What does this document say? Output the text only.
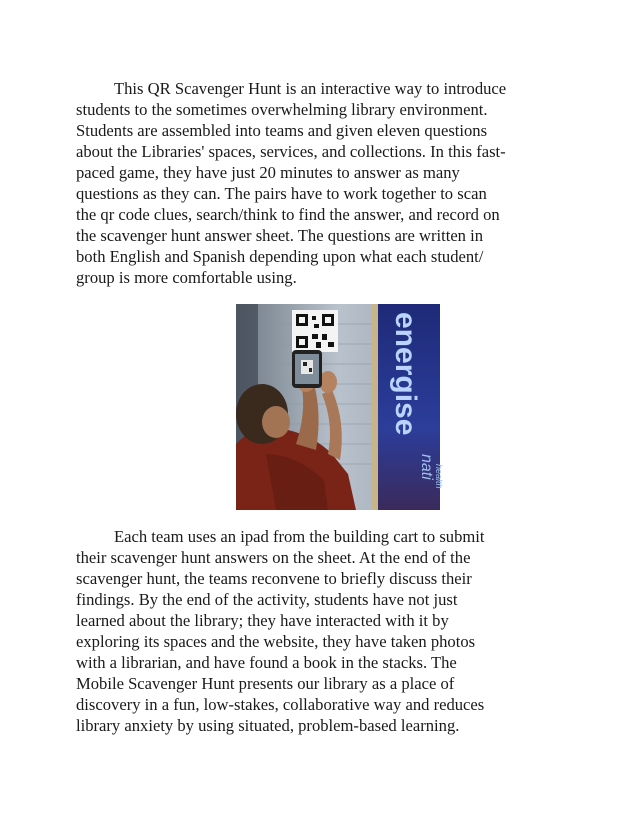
This QR Scavenger Hunt is an interactive way to introduce
students to the sometimes overwhelming library environment.
Students are assembled into teams and given eleven questions
about the Libraries' spaces, services, and collections. In this fast-
paced game, they have just 20 minutes to answer as many
questions as they can. The pairs have to work together to scan
the qr code clues, search/think to find the answer, and record on
the scavenger hunt answer sheet. The questions are written in
both English and Spanish depending upon what each student/
group is more comfortable using.

energise
nati health

Each team uses an ipad from the building cart to submit
their scavenger hunt answers on the sheet. At the end of the
scavenger hunt, the teams reconvene to briefly discuss their
findings. By the end of the activity, students have not just
learned about the library; they have interacted with it by
exploring its spaces and the website, they have taken photos
with a librarian, and have found a book in the stacks. The
Mobile Scavenger Hunt presents our library as a place of
discovery in a fun, low-stakes, collaborative way and reduces
library anxiety by using situated, problem-based learning.
